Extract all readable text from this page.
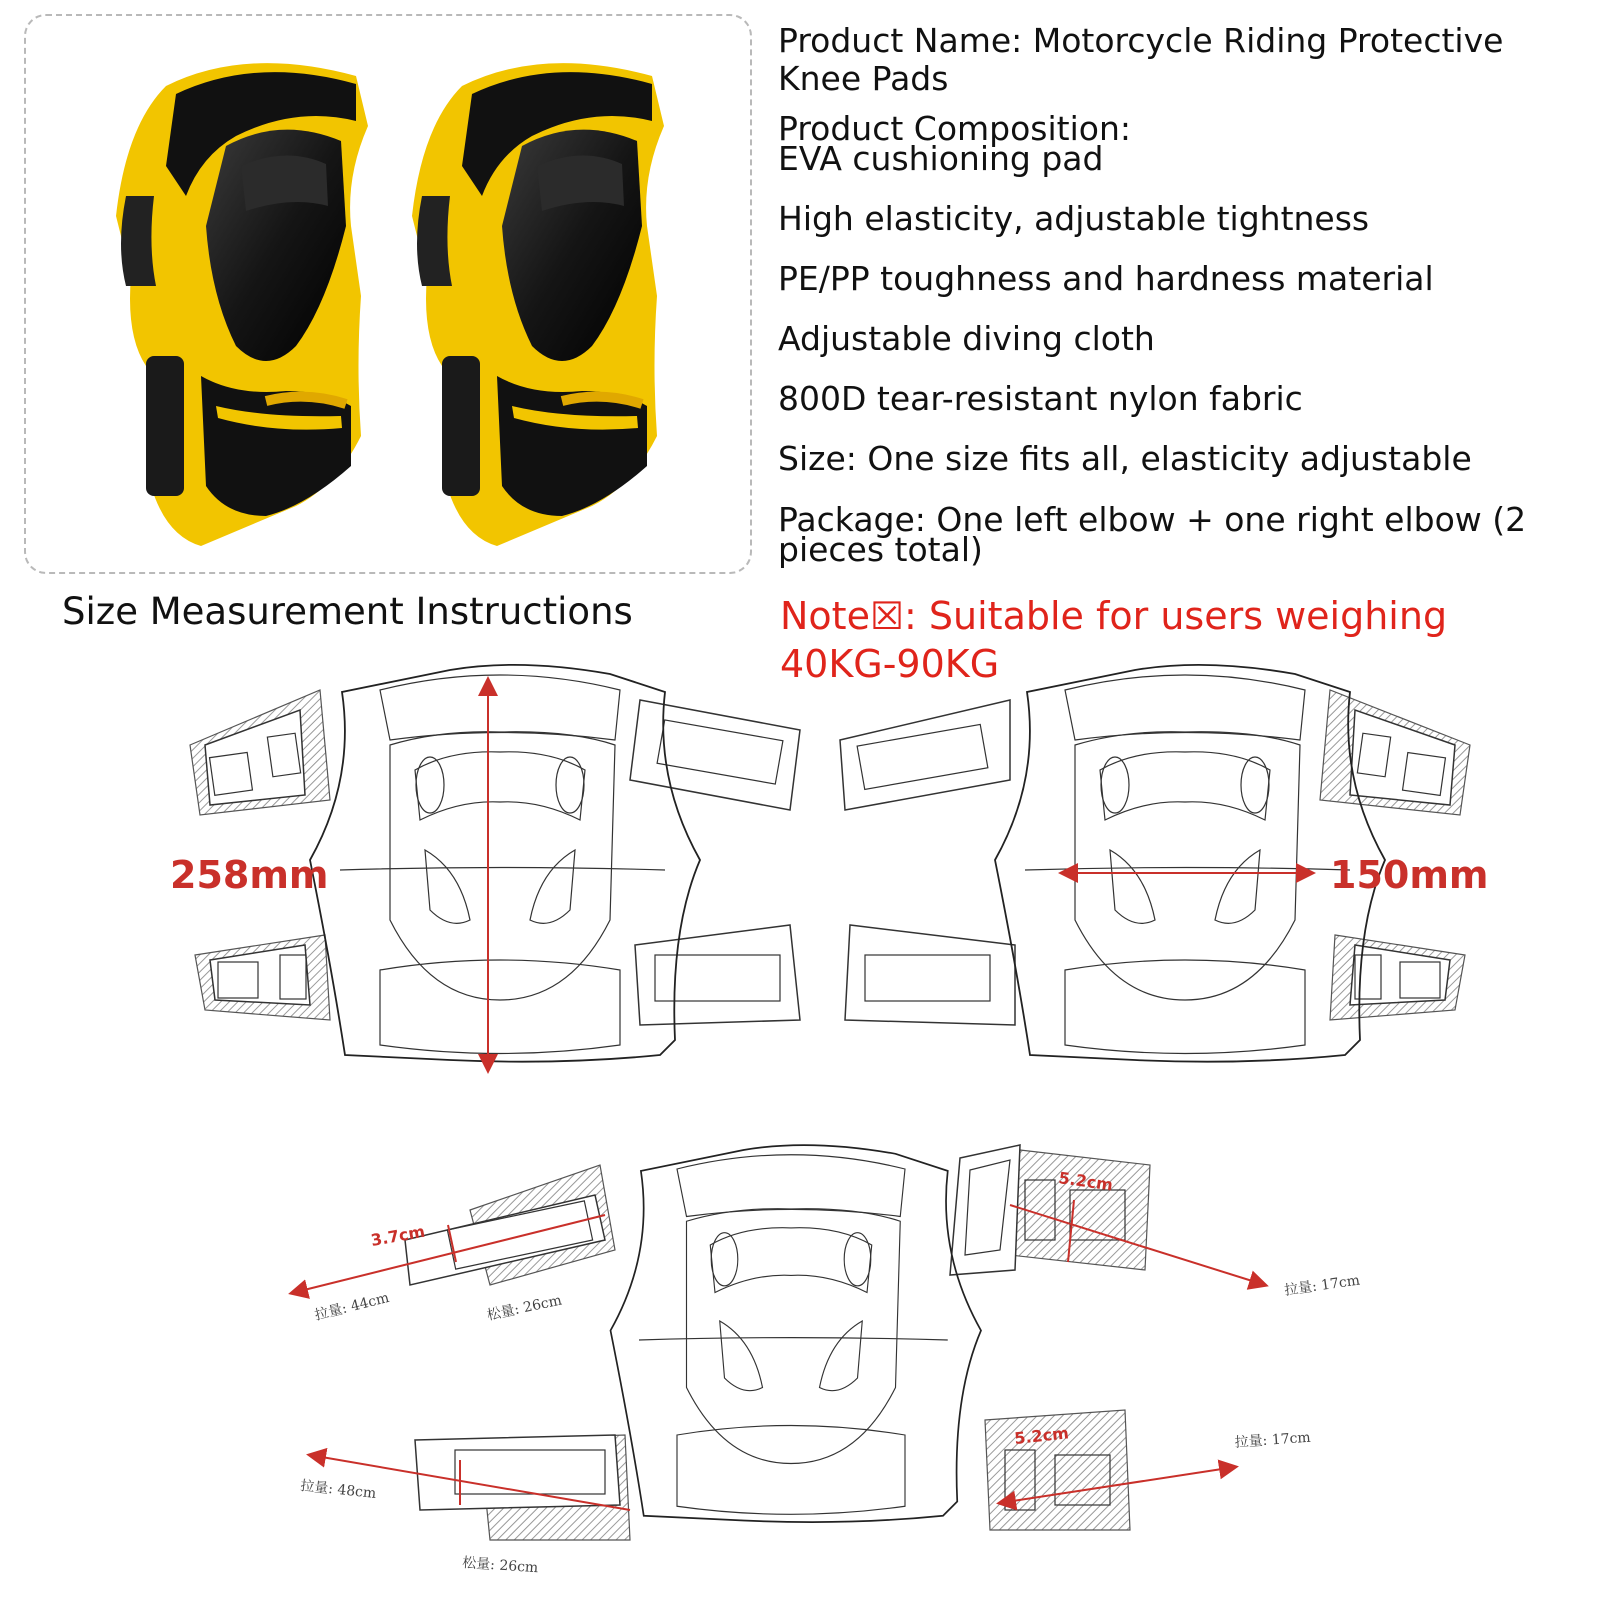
Product Name: Motorcycle Riding Protective
Knee Pads
Product Composition:
EVA cushioning pad
High elasticity, adjustable tightness
PE/PP toughness and hardness material
Adjustable diving cloth
800D tear-resistant nylon fabric
Size: One size fits all, elasticity adjustable
Package: One left elbow + one right elbow (2
pieces total)
Note☒: Suitable for users weighing
40KG-90KG
Size Measurement Instructions
258mm	150mm
3.7cm
5.2cm
5.2cm
拉量: 44cm	松量: 26cm
拉量: 48cm
松量: 26cm
拉量: 17cm
拉量: 17cm
